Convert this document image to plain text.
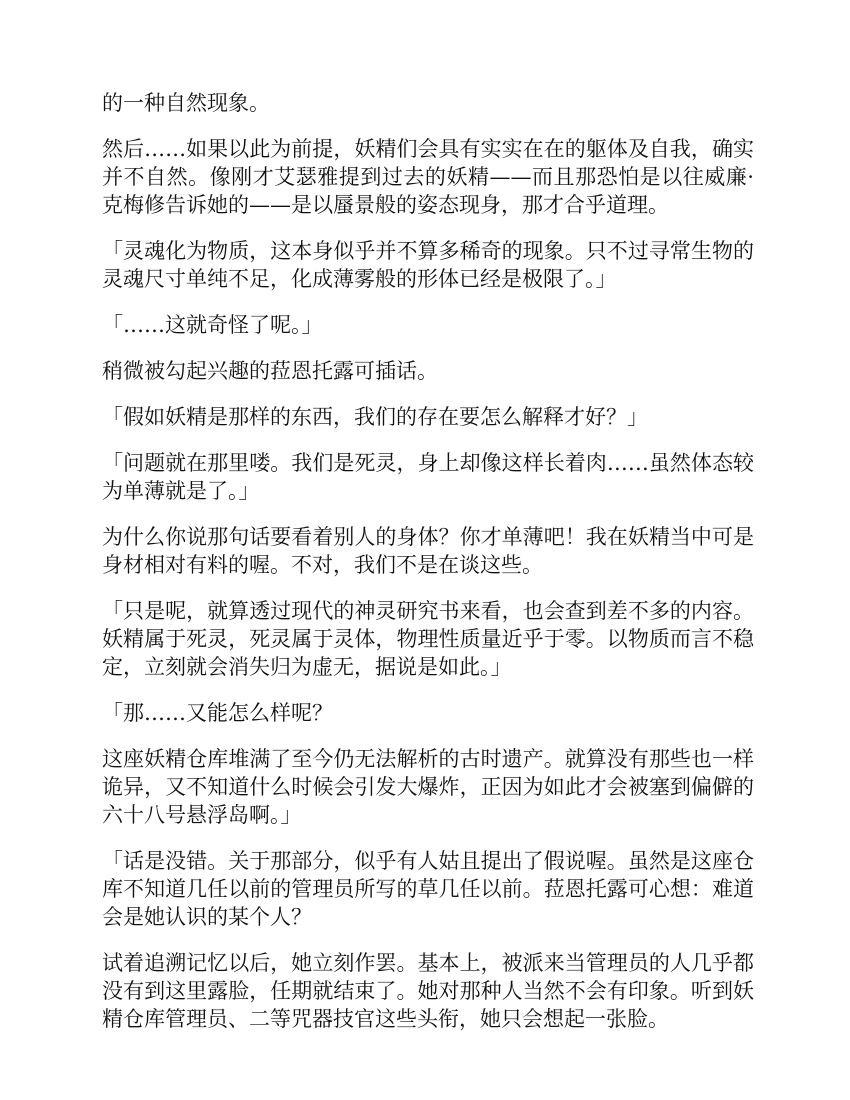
的一种自然现象。

然后……如果以此为前提，妖精们会具有实实在在的躯体及自我，确实并不自然。像刚才艾瑟雅提到过去的妖精——而且那恐怕是以往威廉·克梅修告诉她的——是以蜃景般的姿态现身，那才合乎道理。

「灵魂化为物质，这本身似乎并不算多稀奇的现象。只不过寻常生物的灵魂尺寸单纯不足，化成薄雾般的形体已经是极限了。」

「……这就奇怪了呢。」

稍微被勾起兴趣的菈恩托露可插话。

「假如妖精是那样的东西，我们的存在要怎么解释才好？」

「问题就在那里喽。我们是死灵，身上却像这样长着肉……虽然体态较为单薄就是了。」

为什么你说那句话要看着别人的身体？你才单薄吧！我在妖精当中可是身材相对有料的喔。不对，我们不是在谈这些。

「只是呢，就算透过现代的神灵研究书来看，也会查到差不多的内容。妖精属于死灵，死灵属于灵体，物理性质量近乎于零。以物质而言不稳定，立刻就会消失归为虚无，据说是如此。」

「那……又能怎么样呢？

这座妖精仓库堆满了至今仍无法解析的古时遗产。就算没有那些也一样诡异，又不知道什么时候会引发大爆炸，正因为如此才会被塞到偏僻的六十八号悬浮岛啊。」

「话是没错。关于那部分，似乎有人姑且提出了假说喔。虽然是这座仓库不知道几任以前的管理员所写的草几任以前。菈恩托露可心想：难道会是她认识的某个人？

试着追溯记忆以后，她立刻作罢。基本上，被派来当管理员的人几乎都没有到这里露脸，任期就结束了。她对那种人当然不会有印象。听到妖精仓库管理员、二等咒器技官这些头衔，她只会想起一张脸。
